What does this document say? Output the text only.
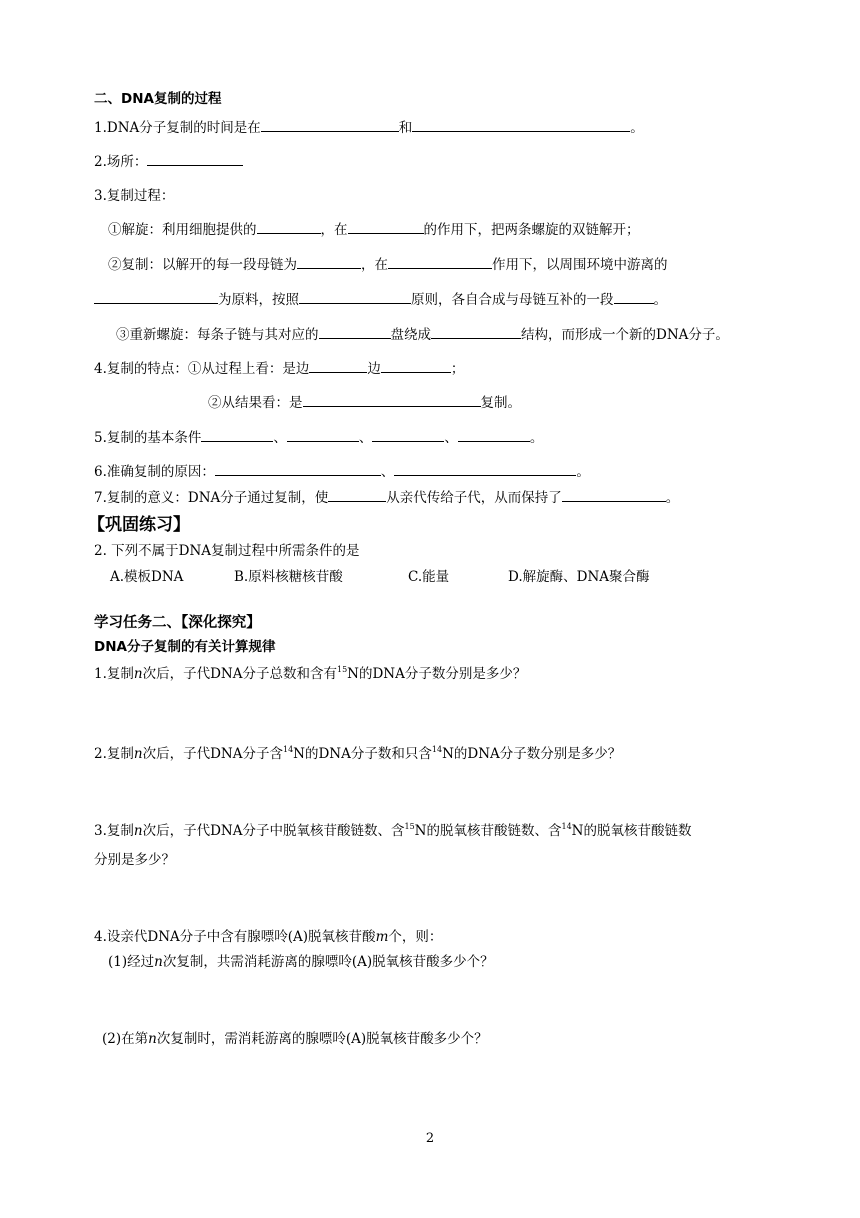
二、DNA复制的过程
1.DNA分子复制的时间是在	和	。
2.场所：
3.复制过程：
①解旋：利用细胞提供的	，在	的作用下，把两条螺旋的双链解开；
②复制：以解开的每一段母链为	，在	作用下，以周围环境中游离的
为原料，按照	原则，各自合成与母链互补的一段	。
③重新螺旋：每条子链与其对应的	盘绕成	结构，而形成一个新的DNA分子。
4.复制的特点：①从过程上看：是边	边	；
②从结果看：是	复制。
5.复制的基本条件	、	、	、	。
6.准确复制的原因：	、	。
7.复制的意义：DNA分子通过复制，使	从亲代传给子代，从而保持了	。
【巩固练习】
2. 下列不属于DNA复制过程中所需条件的是
A.模板DNA	B.原料核糖核苷酸	C.能量	D.解旋酶、DNA聚合酶
学习任务二、【深化探究】
DNA分子复制的有关计算规律
1.复制n次后，子代DNA分子总数和含有$^{15}$N的DNA分子数分别是多少？
2.复制n次后，子代DNA分子含$^{14}$N的DNA分子数和只含$^{14}$N的DNA分子数分别是多少？
3.复制n次后，子代DNA分子中脱氧核苷酸链数、含$^{15}$N的脱氧核苷酸链数、含$^{14}$N的脱氧核苷酸链数
分别是多少？
4.设亲代DNA分子中含有腺嘌呤(A)脱氧核苷酸m个，则：
(1)经过n次复制，共需消耗游离的腺嘌呤(A)脱氧核苷酸多少个？
(2)在第n次复制时，需消耗游离的腺嘌呤(A)脱氧核苷酸多少个？
2
